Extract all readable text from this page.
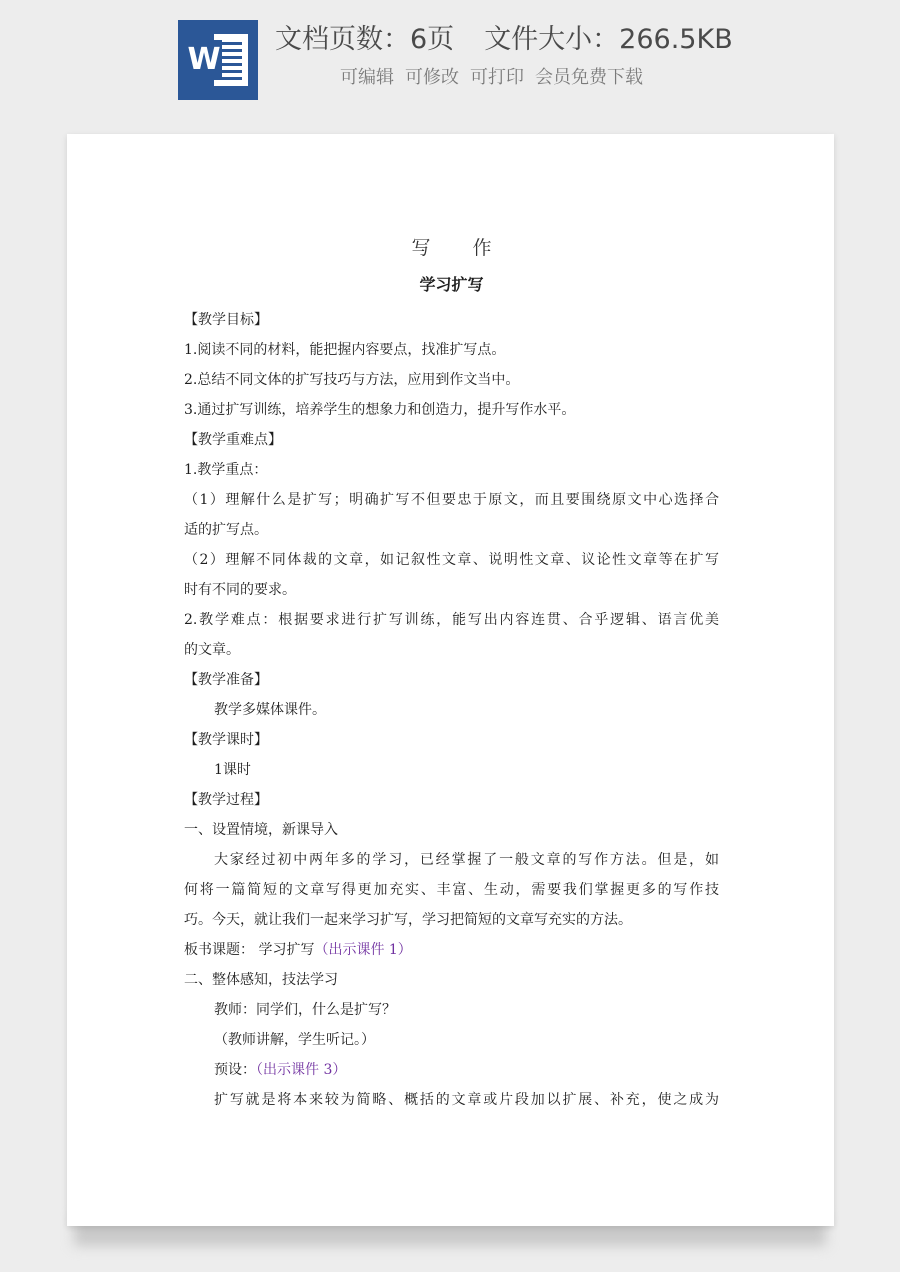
W
文档页数：6页 文件大小：266.5KB
可编辑 可修改 可打印 会员免费下载
写 作
学习扩写
【教学目标】
1.阅读不同的材料，能把握内容要点，找准扩写点。
2.总结不同文体的扩写技巧与方法，应用到作文当中。
3.通过扩写训练，培养学生的想象力和创造力，提升写作水平。
【教学重难点】
1.教学重点：
（1）理解什么是扩写；明确扩写不但要忠于原文，而且要围绕原文中心选择合
适的扩写点。
（2）理解不同体裁的文章，如记叙性文章、说明性文章、议论性文章等在扩写
时有不同的要求。
2.教学难点：根据要求进行扩写训练，能写出内容连贯、合乎逻辑、语言优美
的文章。
【教学准备】
教学多媒体课件。
【教学课时】
1课时
【教学过程】
一、设置情境，新课导入
大家经过初中两年多的学习，已经掌握了一般文章的写作方法。但是，如
何将一篇简短的文章写得更加充实、丰富、生动，需要我们掌握更多的写作技
巧。今天，就让我们一起来学习扩写，学习把简短的文章写充实的方法。
板书课题： 学习扩写（出示课件 1）
二、整体感知，技法学习
教师：同学们，什么是扩写？
（教师讲解，学生听记。）
预设：（出示课件 3）
扩写就是将本来较为简略、概括的文章或片段加以扩展、补充，使之成为
